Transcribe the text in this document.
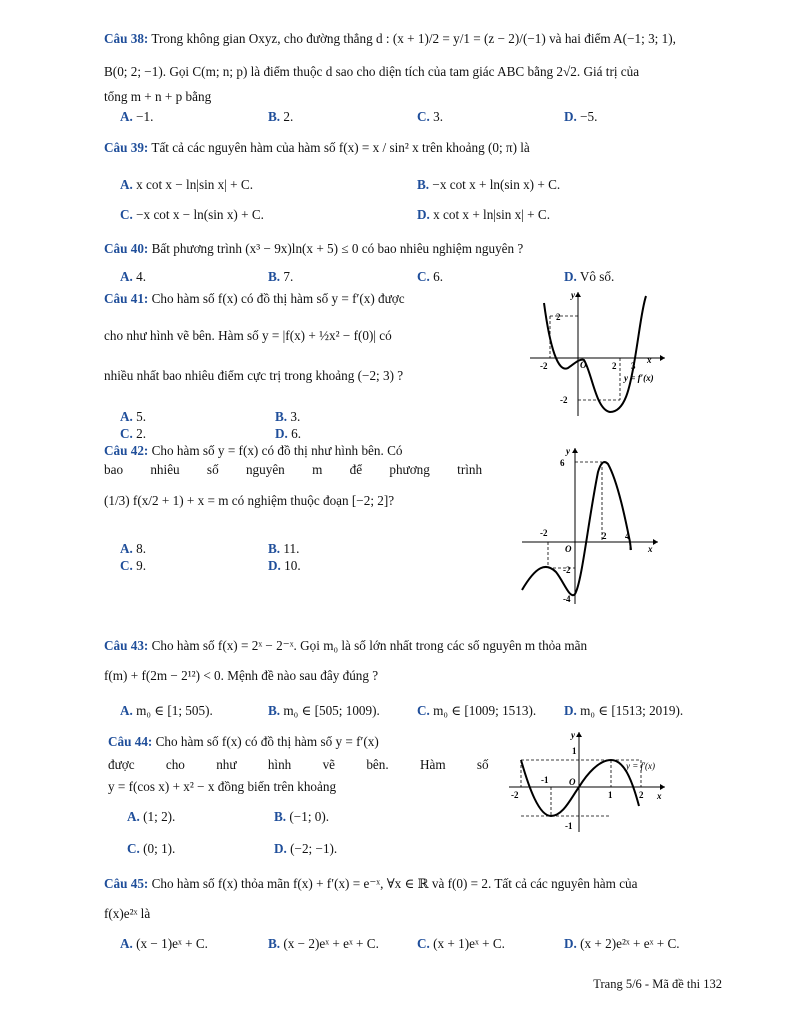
Câu 38: Trong không gian Oxyz, cho đường thẳng d : (x + 1)/2 = y/1 = (z − 2)/(−1) và hai điểm A(−1; 3; 1),
B(0; 2; −1). Gọi C(m; n; p) là điểm thuộc d sao cho diện tích của tam giác ABC bằng 2√2. Giá trị của
tổng m + n + p bằng
A. −1.	B. 2.	C. 3.	D. −5.
Câu 39: Tất cả các nguyên hàm của hàm số f(x) = x / sin² x trên khoảng (0; π) là
A. x cot x − ln|sin x| + C.	B. −x cot x + ln(sin x) + C.
C. −x cot x − ln(sin x) + C.	D. x cot x + ln|sin x| + C.
Câu 40: Bất phương trình (x³ − 9x)ln(x + 5) ≤ 0 có bao nhiêu nghiệm nguyên ?
A. 4.	B. 7.	C. 6.	D. Vô số.
Câu 41: Cho hàm số f(x) có đồ thị hàm số y = f′(x) được
cho như hình vẽ bên. Hàm số y = |f(x) + ½x² − f(0)| có
nhiều nhất bao nhiêu điểm cực trị trong khoảng (−2; 3) ?
A. 5.	B. 3.
C. 2.	D. 6.
2
-2	O	2 3
-2
x
y
y = f′(x)
Câu 42: Cho hàm số y = f(x) có đồ thị như hình bên. Có
bao nhiêu số nguyên m để phương trình
(1/3) f(x/2 + 1) + x = m có nghiệm thuộc đoạn [−2; 2]?
A. 8.	B. 11.
C. 9.	D. 10.
6
-2
O
2 4
-2
-4
x
y
Câu 43: Cho hàm số f(x) = 2ˣ − 2⁻ˣ. Gọi m₀ là số lớn nhất trong các số nguyên m thỏa mãn
f(m) + f(2m − 2¹²) < 0. Mệnh đề nào sau đây đúng ?
A. m₀ ∈ [1; 505).	B. m₀ ∈ [505; 1009).	C. m₀ ∈ [1009; 1513). D. m₀ ∈ [1513; 2019).
Câu 44: Cho hàm số f(x) có đồ thị hàm số y = f′(x)
được cho như hình vẽ bên. Hàm số
y = f(cos x) + x² − x đồng biến trên khoảng
A. (1; 2).	B. (−1; 0).
C. (0; 1).	D. (−2; −1).
1
-1 O
-2	1	2
-1
x
y
y = f′(x)
Câu 45: Cho hàm số f(x) thỏa mãn f(x) + f′(x) = e⁻ˣ, ∀x ∈ ℝ và f(0) = 2. Tất cả các nguyên hàm của
f(x)e²ˣ là
A. (x − 1)eˣ + C.	B. (x − 2)eˣ + eˣ + C.	C. (x + 1)eˣ + C.	D. (x + 2)e²ˣ + eˣ + C.
Trang 5/6 - Mã đề thi 132
